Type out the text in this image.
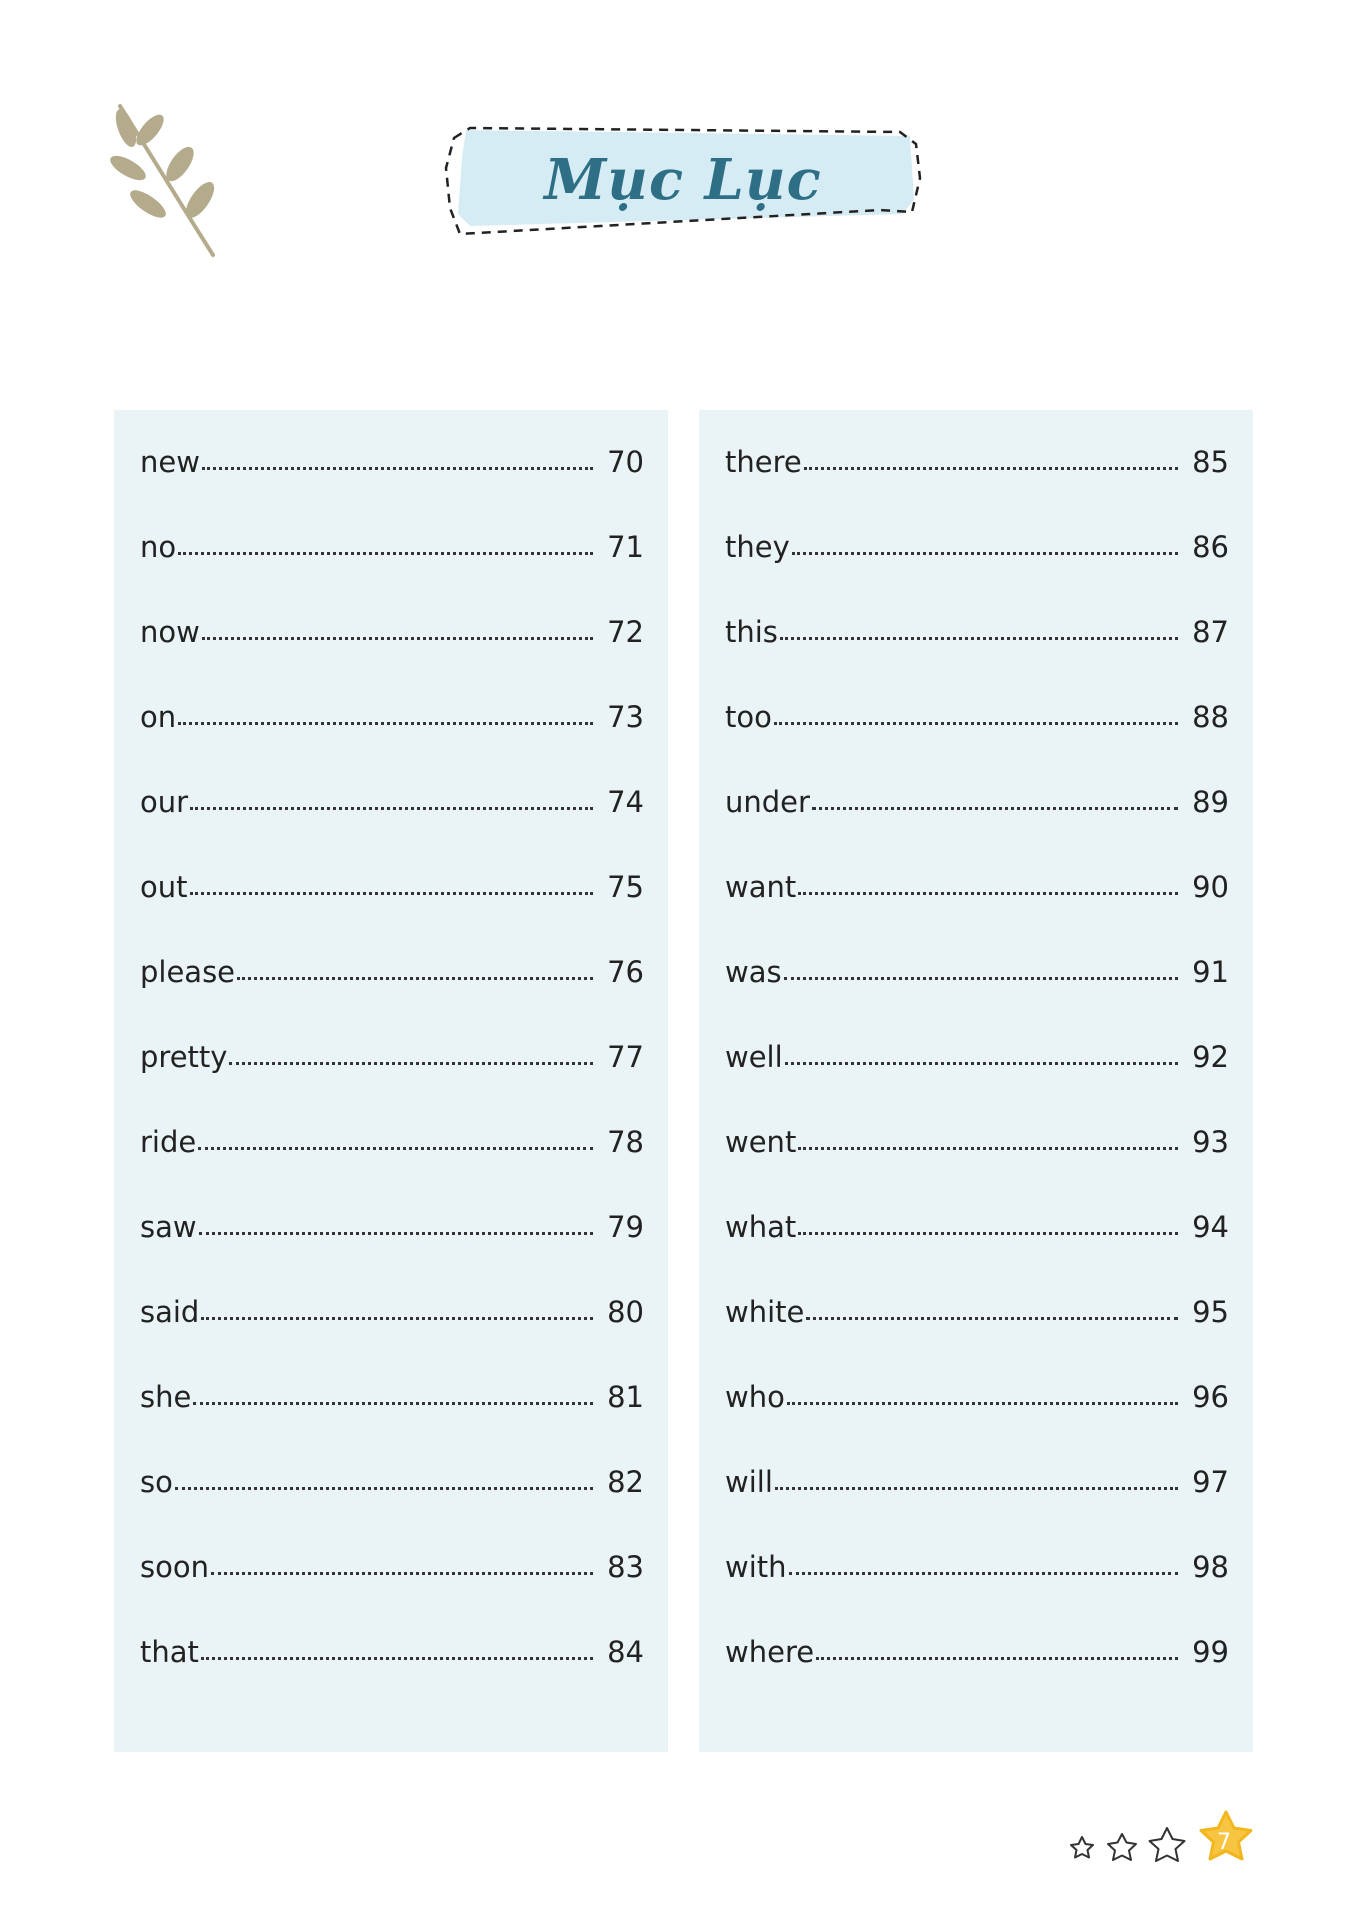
Mục Lục
new	70
no	71
now	72
on	73
our	74
out	75
please	76
pretty	77
ride	78
saw	79
said	80
she	81
so	82
soon	83
that	84
there	85
they	86
this	87
too	88
under	89
want	90
was	91
well	92
went	93
what	94
white	95
who	96
will	97
with	98
where	99
7
